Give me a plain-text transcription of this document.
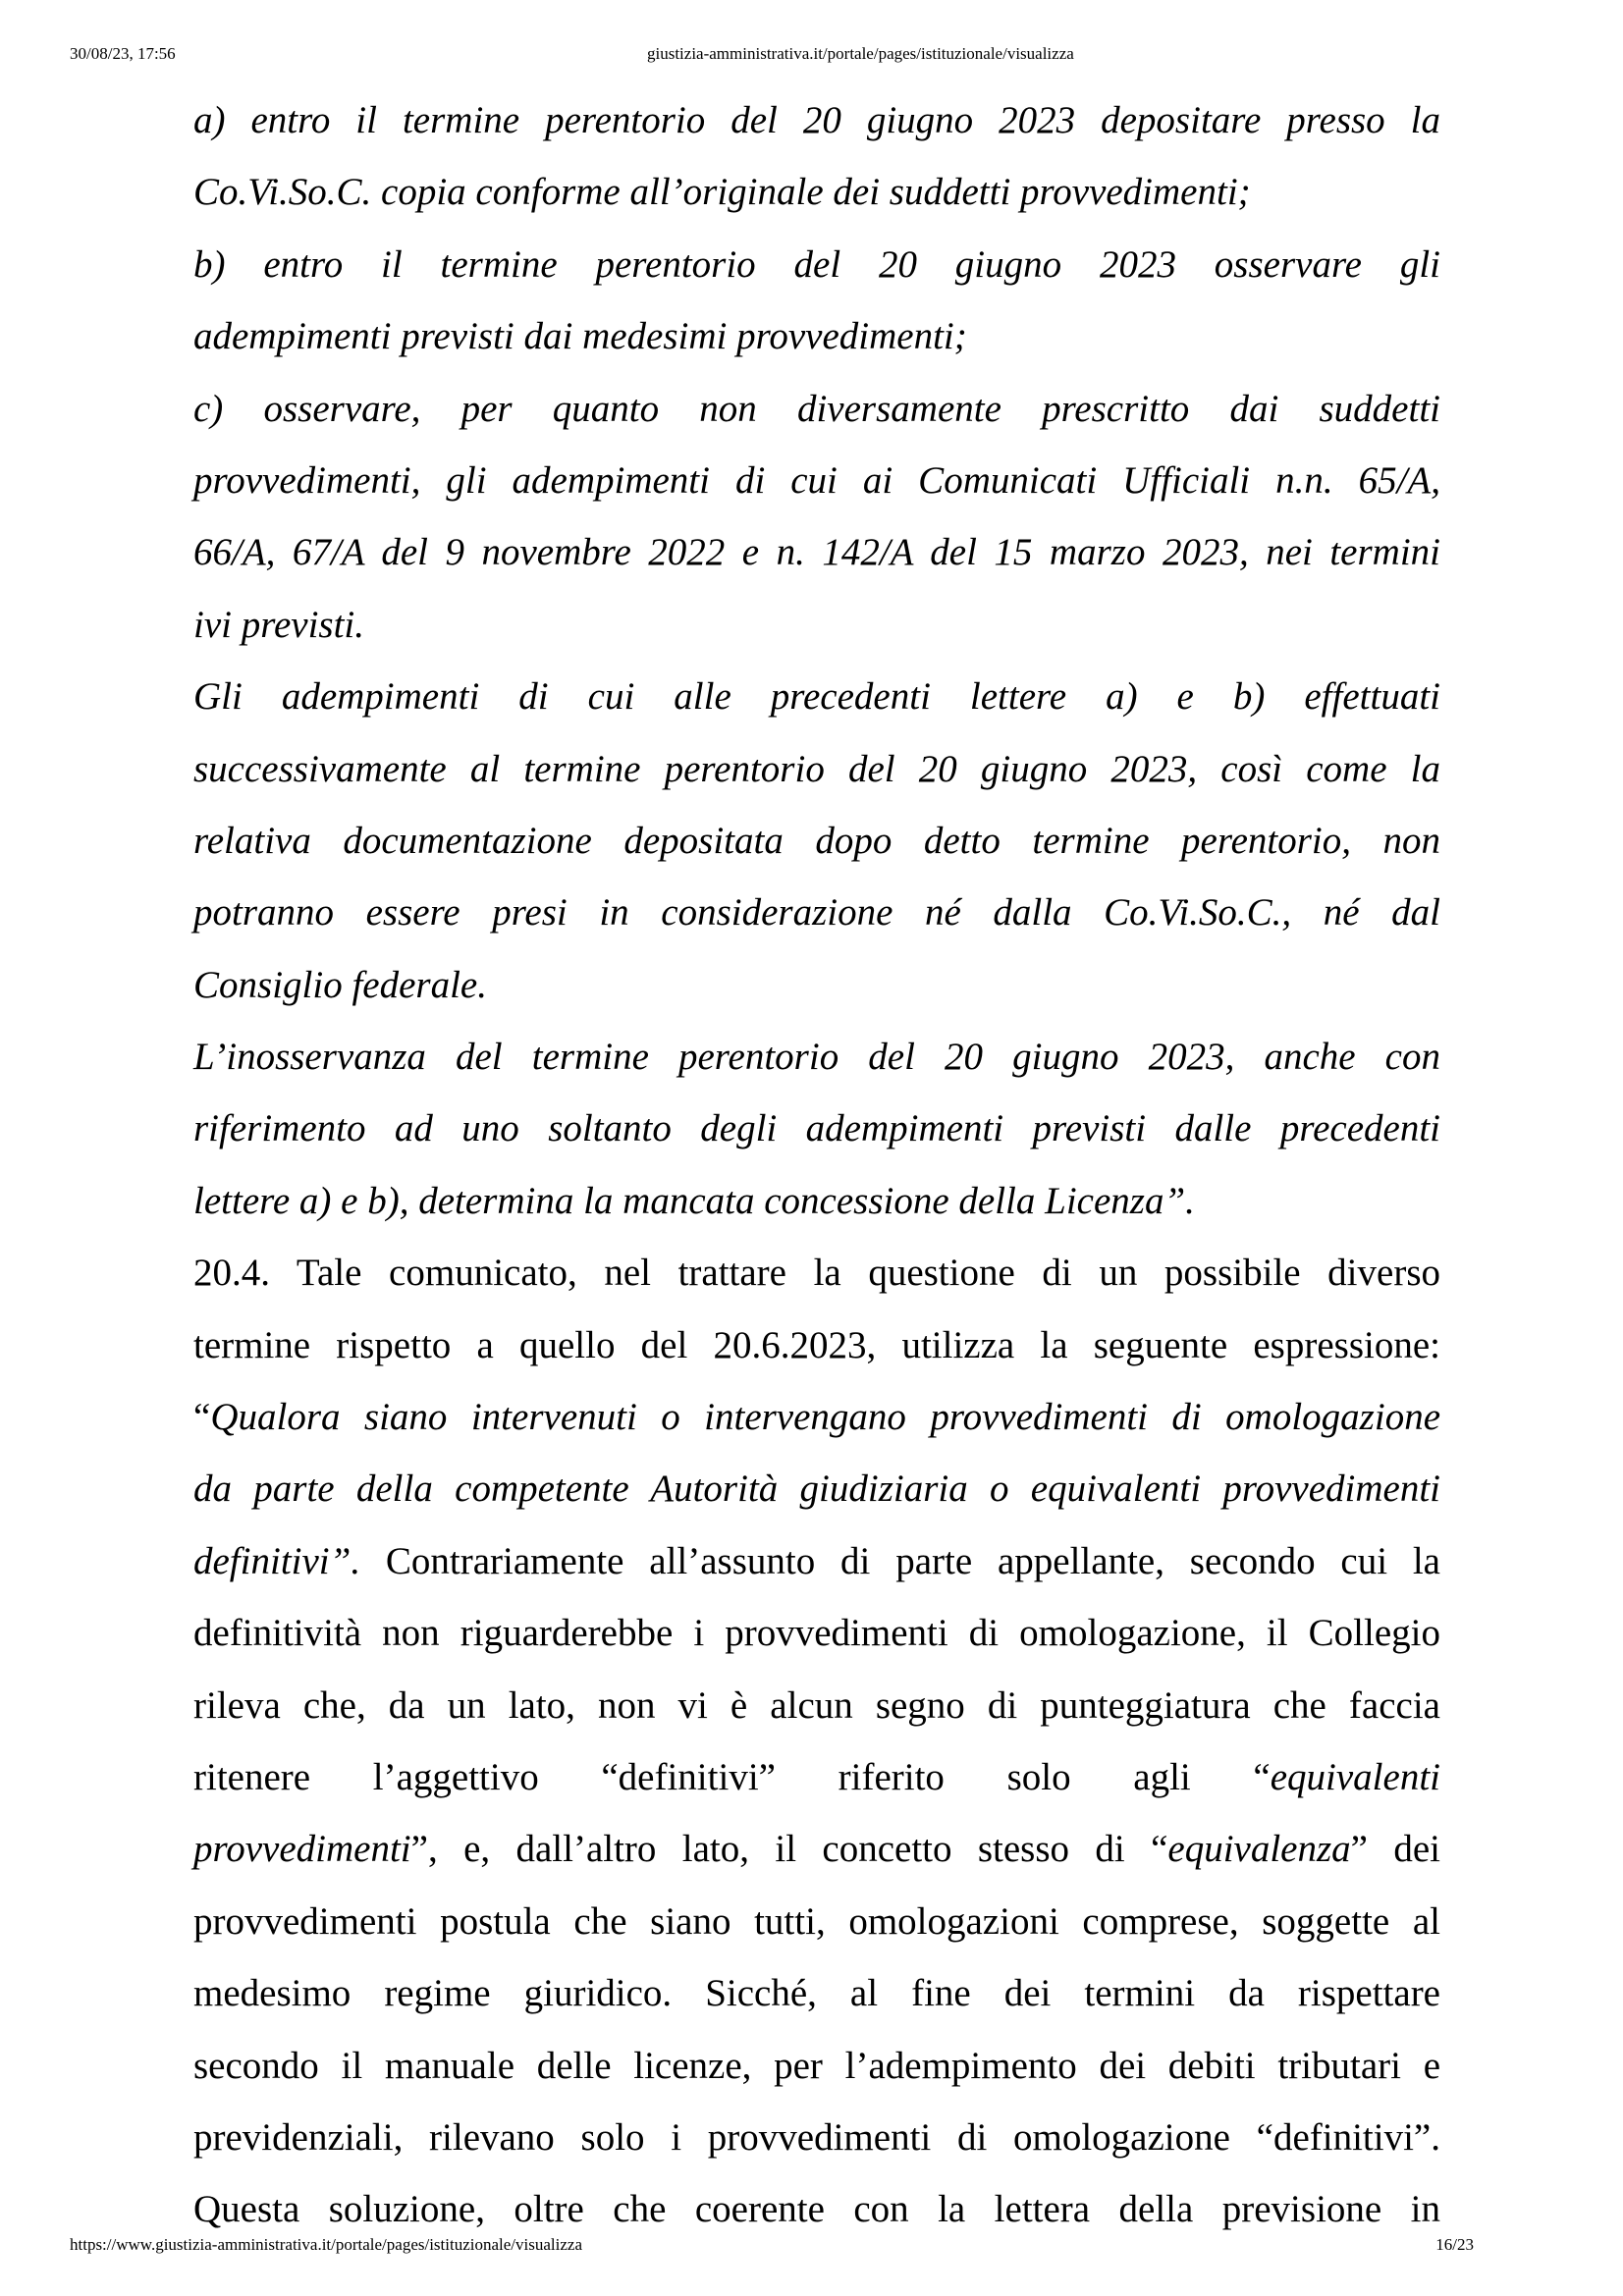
30/08/23, 17:56	giustizia-amministrativa.it/portale/pages/istituzionale/visualizza
a) entro il termine perentorio del 20 giugno 2023 depositare presso la
Co.Vi.So.C. copia conforme all’originale dei suddetti provvedimenti;
b) entro il termine perentorio del 20 giugno 2023 osservare gli
adempimenti previsti dai medesimi provvedimenti;
c) osservare, per quanto non diversamente prescritto dai suddetti
provvedimenti, gli adempimenti di cui ai Comunicati Ufficiali n.n. 65/A,
66/A, 67/A del 9 novembre 2022 e n. 142/A del 15 marzo 2023, nei termini
ivi previsti.
Gli adempimenti di cui alle precedenti lettere a) e b) effettuati
successivamente al termine perentorio del 20 giugno 2023, così come la
relativa documentazione depositata dopo detto termine perentorio, non
potranno essere presi in considerazione né dalla Co.Vi.So.C., né dal
Consiglio federale.
L’inosservanza del termine perentorio del 20 giugno 2023, anche con
riferimento ad uno soltanto degli adempimenti previsti dalle precedenti
lettere a) e b), determina la mancata concessione della Licenza”.
20.4. Tale comunicato, nel trattare la questione di un possibile diverso
termine rispetto a quello del 20.6.2023, utilizza la seguente espressione:
“Qualora siano intervenuti o intervengano provvedimenti di omologazione
da parte della competente Autorità giudiziaria o equivalenti provvedimenti
definitivi”. Contrariamente all’assunto di parte appellante, secondo cui la
definitività non riguarderebbe i provvedimenti di omologazione, il Collegio
rileva che, da un lato, non vi è alcun segno di punteggiatura che faccia
ritenere l’aggettivo “definitivi” riferito solo agli “equivalenti
provvedimenti”, e, dall’altro lato, il concetto stesso di “equivalenza” dei
provvedimenti postula che siano tutti, omologazioni comprese, soggette al
medesimo regime giuridico. Sicché, al fine dei termini da rispettare
secondo il manuale delle licenze, per l’adempimento dei debiti tributari e
previdenziali, rilevano solo i provvedimenti di omologazione “definitivi”.
Questa soluzione, oltre che coerente con la lettera della previsione in
https://www.giustizia-amministrativa.it/portale/pages/istituzionale/visualizza	16/23
